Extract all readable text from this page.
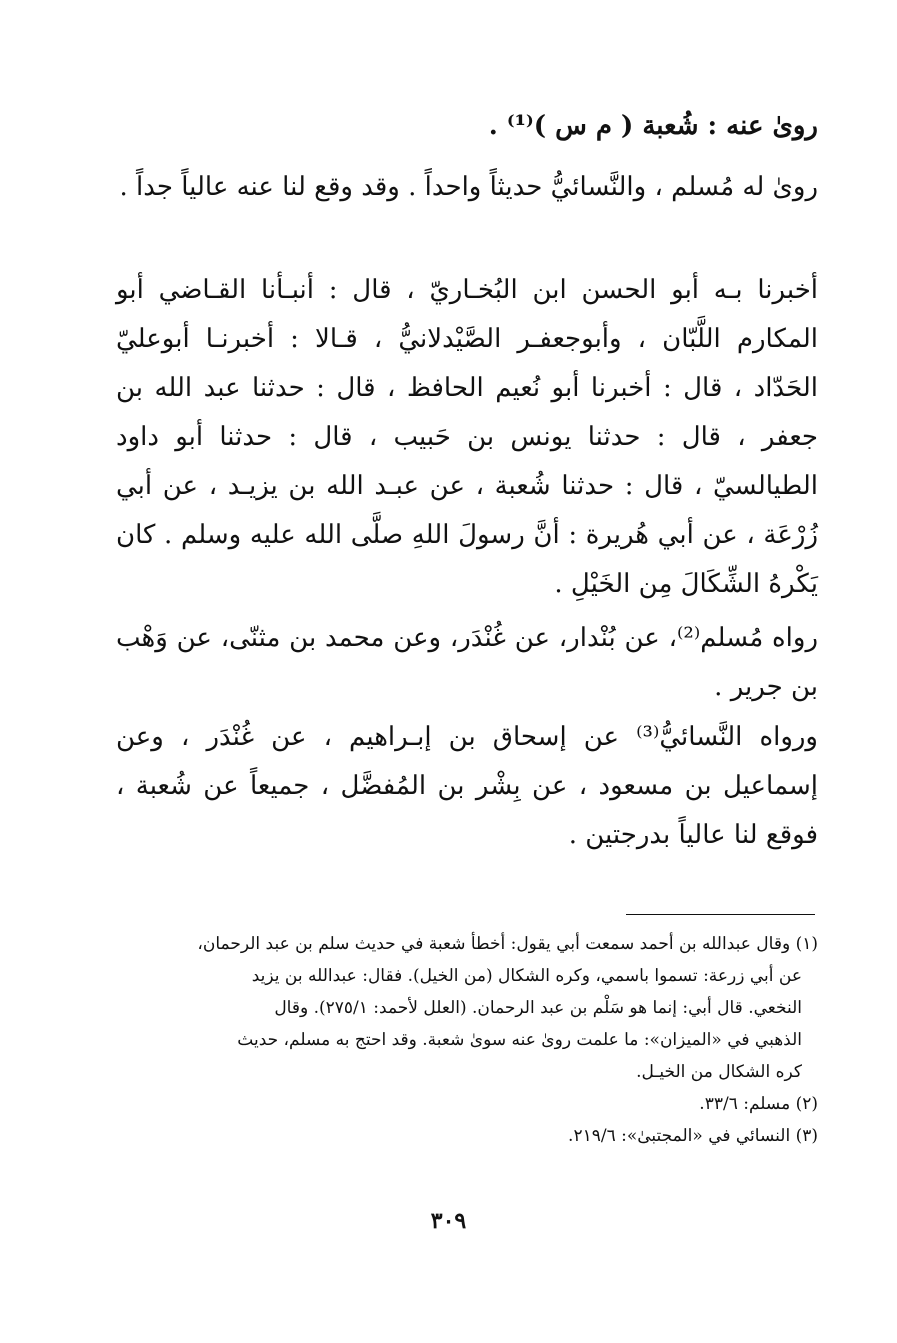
روىٰ عنه : شُعبة ( م س )⁽¹⁾ .

روىٰ له مُسلم ، والنَّسائيُّ حديثاً واحداً . وقد وقع لنا عنه عالياً جداً .

أخبرنا بـه أبو الحسن ابن البُخـاريّ ، قال : أنبـأنا القـاضي أبو المكارم اللَّبّان ، وأبوجعفـر الصَّيْدلانيُّ ، قـالا : أخبرنـا أبوعليّ الحَدّاد ، قال : أخبرنا أبو نُعيم الحافظ ، قال : حدثنا عبد الله بن جعفر ، قال : حدثنا يونس بن حَبيب ، قال : حدثنا أبو داود الطيالسيّ ، قال : حدثنا شُعبة ، عن عبـد الله بن يزيـد ، عن أبي زُرْعَة ، عن أبي هُريرة : أنَّ رسولَ اللهِ صلَّى الله عليه وسلم . كان يَكْرهُ الشِّكَالَ مِن الخَيْلِ .

رواه مُسلم⁽²⁾، عن بُنْدار، عن غُنْدَر، وعن محمد بن مثنّى، عن وَهْب بن جرير .

ورواه النَّسائيُّ⁽³⁾ عن إسحاق بن إبـراهيم ، عن غُنْدَر ، وعن إسماعيل بن مسعود ، عن بِشْر بن المُفضَّل ، جميعاً عن شُعبة ، فوقع لنا عالياً بدرجتين .

(١) وقال عبدالله بن أحمد سمعت أبي يقول: أخطأ شعبة في حديث سلم بن عبد الرحمان،

عن أبي زرعة: تسموا باسمي، وكره الشكال (من الخيل). فقال: عبدالله بن يزيد

النخعي. قال أبي: إنما هو سَلْم بن عبد الرحمان. (العلل لأحمد: ٢٧٥/١). وقال

الذهبي في «الميزان»: ما علمت روىٰ عنه سوىٰ شعبة. وقد احتج به مسلم، حديث

كره الشكال من الخيـل.

(٢) مسلم: ٣٣/٦.

(٣) النسائي في «المجتبىٰ»: ٢١٩/٦.

٣٠٩
